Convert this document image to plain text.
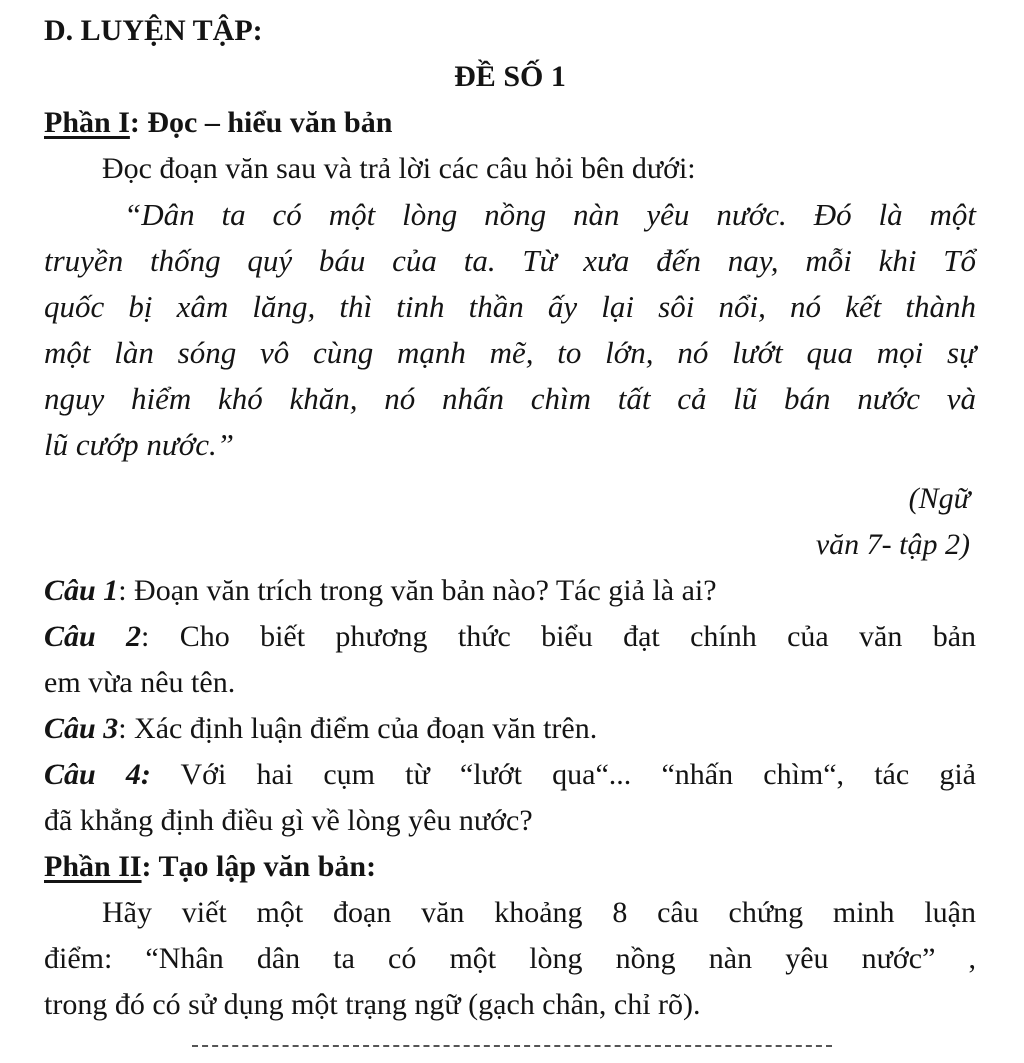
D. LUYỆN TẬP:
ĐỀ SỐ 1
Phần I: Đọc – hiểu văn bản
Đọc đoạn văn sau và trả lời các câu hỏi bên dưới:
“Dân ta có một lòng nồng nàn yêu nước. Đó là một
truyền thống quý báu của ta. Từ xưa đến nay, mỗi khi Tổ
quốc bị xâm lăng, thì tinh thần ấy lại sôi nổi, nó kết thành
một làn sóng vô cùng mạnh mẽ, to lớn, nó lướt qua mọi sự
nguy hiểm khó khăn, nó nhấn chìm tất cả lũ bán nước và
lũ cướp nước.”
(Ngữ
văn 7- tập 2)
Câu 1: Đoạn văn trích trong văn bản nào? Tác giả là ai?
Câu 2: Cho biết phương thức biểu đạt chính của văn bản
em vừa nêu tên.
Câu 3: Xác định luận điểm của đoạn văn trên.
Câu 4: Với hai cụm từ “lướt qua“... “nhấn chìm“, tác giả
đã khẳng định điều gì về lòng yêu nước?
Phần II: Tạo lập văn bản:
Hãy viết một đoạn văn khoảng 8 câu chứng minh luận
điểm: “Nhân dân ta có một lòng nồng nàn yêu nước” ,
trong đó có sử dụng một trạng ngữ (gạch chân, chỉ rõ).
